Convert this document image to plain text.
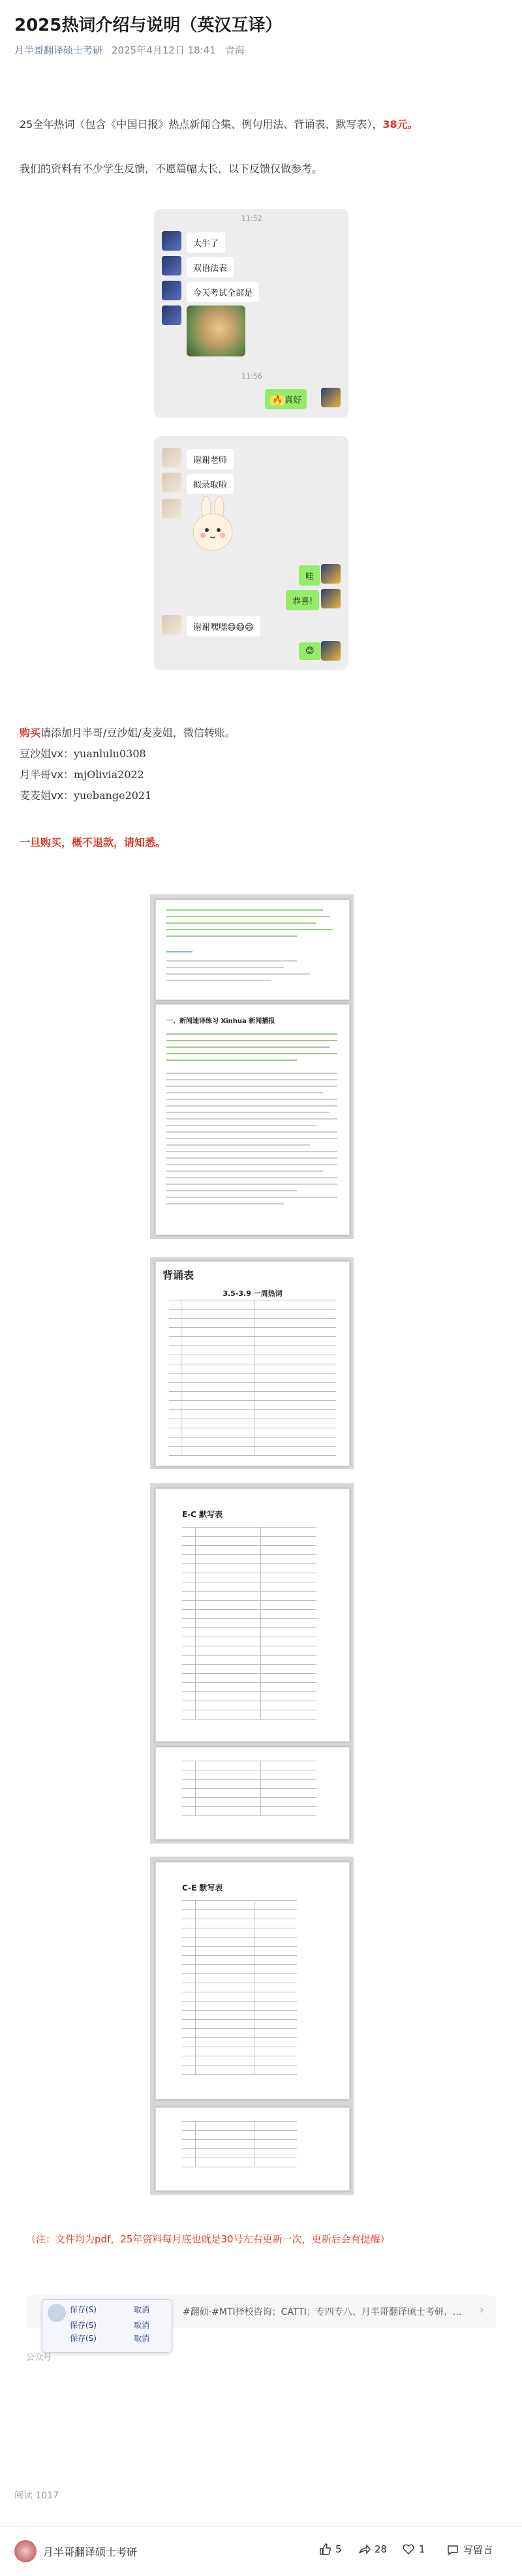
2025热词介绍与说明（英汉互译）
月半哥翻译硕士考研 2025年4月12日 18:41 青海
25全年热词（包含《中国日报》热点新闻合集、例句用法、背诵表、默写表），38元。
我们的资料有不少学生反馈，不愿篇幅太长，以下反馈仅做参考。
11:52
太牛了
双语法表
今天考试全部是
11:56
🔥 真好
谢谢老师
拟录取啦
哇
恭喜!
谢谢嘿嘿😄😄😄
😊
购买请添加月半哥/豆沙姐/麦麦姐，微信转账。
豆沙姐vx：yuanlulu0308
月半哥vx：mjOlivia2022
麦麦姐vx：yuebange2021
一旦购买，概不退款，请知悉。
一、新闻速译练习 Xinhua 新闻播报
背诵表
3.5-3.9 一周热词
E-C 默写表
C-E 默写表
（注：文件均为pdf，25年资料每月底也就是30号左右更新一次，更新后会有提醒）
#翻硕·#MTI择校咨询；CATTI；专四专八、月半哥翻译硕士考研、... ›
保存(S)	取消
保存(S)	取消
保存(S)	取消
公众号
阅读 1017
月半哥翻译硕士考研	5	28	1	写留言
